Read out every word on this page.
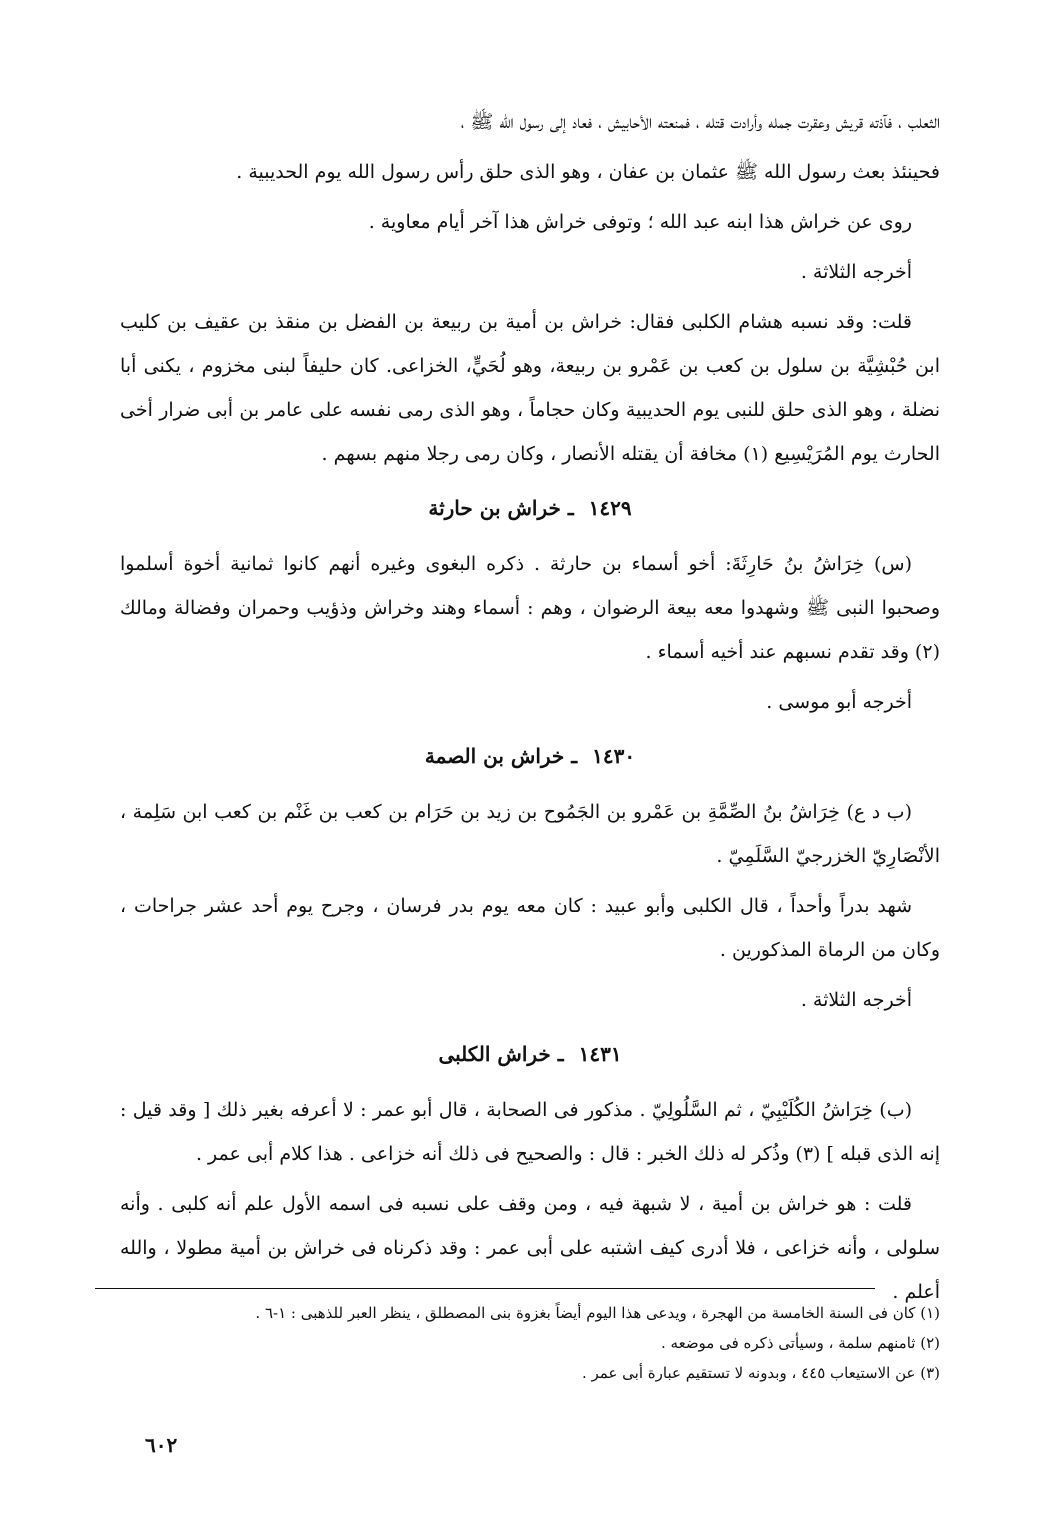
الثعلب ، فآذته قريش وعقرت جمله وأرادت قتله ، فمنعته الأحابيش ، فعاد إلى رسول الله ﷺ ،

فحينئذ بعث رسول الله ﷺ عثمان بن عفان ، وهو الذى حلق رأس رسول الله يوم الحديبية .

روى عن خراش هذا ابنه عبد الله ؛ وتوفى خراش هذا آخر أيام معاوية .

أخرجه الثلاثة .

قلت: وقد نسبه هشام الكلبى فقال: خراش بن أمية بن ربيعة بن الفضل بن منقذ بن عقيف بن كليب ابن حُبْشِيَّة بن سلول بن كعب بن عَمْرو بن ربيعة، وهو لُحَيٍّ، الخزاعى. كان حليفاً لبنى مخزوم ، يكنى أبا نضلة ، وهو الذى حلق للنبى يوم الحديبية وكان حجاماً ، وهو الذى رمى نفسه على عامر بن أبى ضرار أخى الحارث يوم المُرَيْسِيع (١) مخافة أن يقتله الأنصار ، وكان رمى رجلا منهم بسهم .

١٤٢٩ ـ خراش بن حارثة

(س) خِرَاشُ بنُ حَارِثَةَ: أخو أسماء بن حارثة . ذكره البغوى وغيره أنهم كانوا ثمانية أخوة أسلموا وصحبوا النبى ﷺ وشهدوا معه بيعة الرضوان ، وهم : أسماء وهند وخراش وذؤيب وحمران وفضالة ومالك (٢) وقد تقدم نسبهم عند أخيه أسماء .

أخرجه أبو موسى .

١٤٣٠ ـ خراش بن الصمة

(ب د ع) خِرَاشُ بنُ الصِّمَّةِ بن عَمْرو بن الجَمُوح بن زيد بن حَرَام بن كعب بن غَنْم بن كعب ابن سَلِمة ، الأنْصَارِيّ الخزرجيّ السَّلَمِيّ .

شهد بدراً وأحداً ، قال الكلبى وأبو عبيد : كان معه يوم بدر فرسان ، وجرح يوم أحد عشر جراحات ، وكان من الرماة المذكورين .

أخرجه الثلاثة .

١٤٣١ ـ خراش الكلبى

(ب) خِرَاشُ الكُلَيْبِيّ ، ثم السَّلُولِيّ . مذكور فى الصحابة ، قال أبو عمر : لا أعرفه بغير ذلك [ وقد قيل : إنه الذى قبله ] (٣) وذُكر له ذلك الخبر : قال : والصحيح فى ذلك أنه خزاعى . هذا كلام أبى عمر .

قلت : هو خراش بن أمية ، لا شبهة فيه ، ومن وقف على نسبه فى اسمه الأول علم أنه كلبى . وأنه سلولى ، وأنه خزاعى ، فلا أدرى كيف اشتبه على أبى عمر : وقد ذكرناه فى خراش بن أمية مطولا ، والله أعلم .

(١) كان فى السنة الخامسة من الهجرة ، ويدعى هذا اليوم أيضاً بغزوة بنى المصطلق ، ينظر العبر للذهبى : ١-٦ .
(٢) ثامنهم سلمة ، وسيأتى ذكره فى موضعه .
(٣) عن الاستيعاب ٤٤٥ ، وبدونه لا تستقيم عبارة أبى عمر .
٦٠٢
